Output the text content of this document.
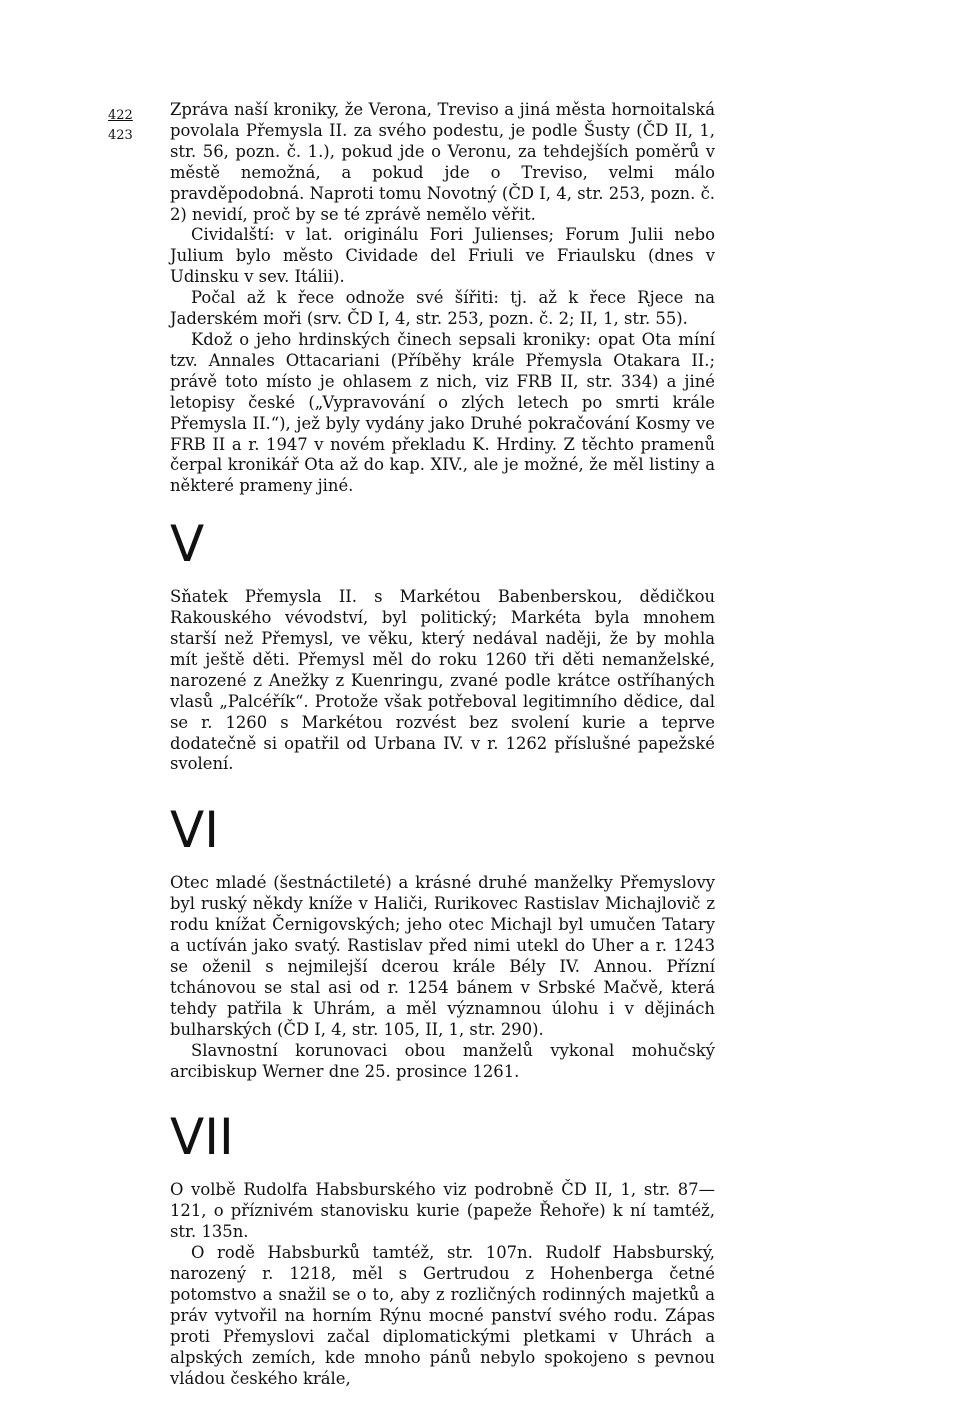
422
423

Zpráva naší kroniky, že Verona, Treviso a jiná města hornoitalská povolala Přemysla II. za svého podestu, je podle Šusty (ČD II, 1, str. 56, pozn. č. 1.), pokud jde o Veronu, za tehdejších poměrů v městě nemožná, a pokud jde o Treviso, velmi málo pravděpodobná. Naproti tomu Novotný (ČD I, 4, str. 253, pozn. č. 2) nevidí, proč by se té zprávě nemělo věřit.

Cividalští: v lat. originálu Fori Julienses; Forum Julii nebo Julium bylo město Cividade del Friuli ve Friaulsku (dnes v Udinsku v sev. Itálii).

Počal až k řece odnože své šířiti: tj. až k řece Rjece na Jaderském moři (srv. ČD I, 4, str. 253, pozn. č. 2; II, 1, str. 55).

Kdož o jeho hrdinských činech sepsali kroniky: opat Ota míní tzv. Annales Ottacariani (Příběhy krále Přemysla Otakara II.; právě toto místo je ohlasem z nich, viz FRB II, str. 334) a jiné letopisy české („Vypravování o zlých letech po smrti krále Přemysla II.“), jež byly vydány jako Druhé pokračování Kosmy ve FRB II a r. 1947 v novém překladu K. Hrdiny. Z těchto pramenů čerpal kronikář Ota až do kap. XIV., ale je možné, že měl listiny a některé prameny jiné.

V

Sňatek Přemysla II. s Markétou Babenberskou, dědičkou Rakouského vévodství, byl politický; Markéta byla mnohem starší než Přemysl, ve věku, který nedával naději, že by mohla mít ještě děti. Přemysl měl do roku 1260 tři děti nemanželské, narozené z Anežky z Kuenringu, zvané podle krátce ostříhaných vlasů „Palcéřík“. Protože však potřeboval legitimního dědice, dal se r. 1260 s Markétou rozvést bez svolení kurie a teprve dodatečně si opatřil od Urbana IV. v r. 1262 příslušné papežské svolení.

VI

Otec mladé (šestnáctileté) a krásné druhé manželky Přemyslovy byl ruský někdy kníže v Haliči, Rurikovec Rastislav Michajlovič z rodu knížat Černigovských; jeho otec Michajl byl umučen Tatary a uctíván jako svatý. Rastislav před nimi utekl do Uher a r. 1243 se oženil s nejmilejší dcerou krále Bély IV. Annou. Přízní tchánovou se stal asi od r. 1254 bánem v Srbské Mačvě, která tehdy patřila k Uhrám, a měl významnou úlohu i v dějinách bulharských (ČD I, 4, str. 105, II, 1, str. 290).

Slavnostní korunovaci obou manželů vykonal mohučský arcibiskup Werner dne 25. prosince 1261.

VII

O volbě Rudolfa Habsburského viz podrobně ČD II, 1, str. 87—121, o příznivém stanovisku kurie (papeže Řehoře) k ní tamtéž, str. 135n.

O rodě Habsburků tamtéž, str. 107n. Rudolf Habsburský, narozený r. 1218, měl s Gertrudou z Hohenberga četné potomstvo a snažil se o to, aby z rozličných rodinných majetků a práv vytvořil na horním Rýnu mocné panství svého rodu. Zápas proti Přemyslovi začal diplomatickými pletkami v Uhrách a alpských zemích, kde mnoho pánů nebylo spokojeno s pevnou vládou českého krále,
